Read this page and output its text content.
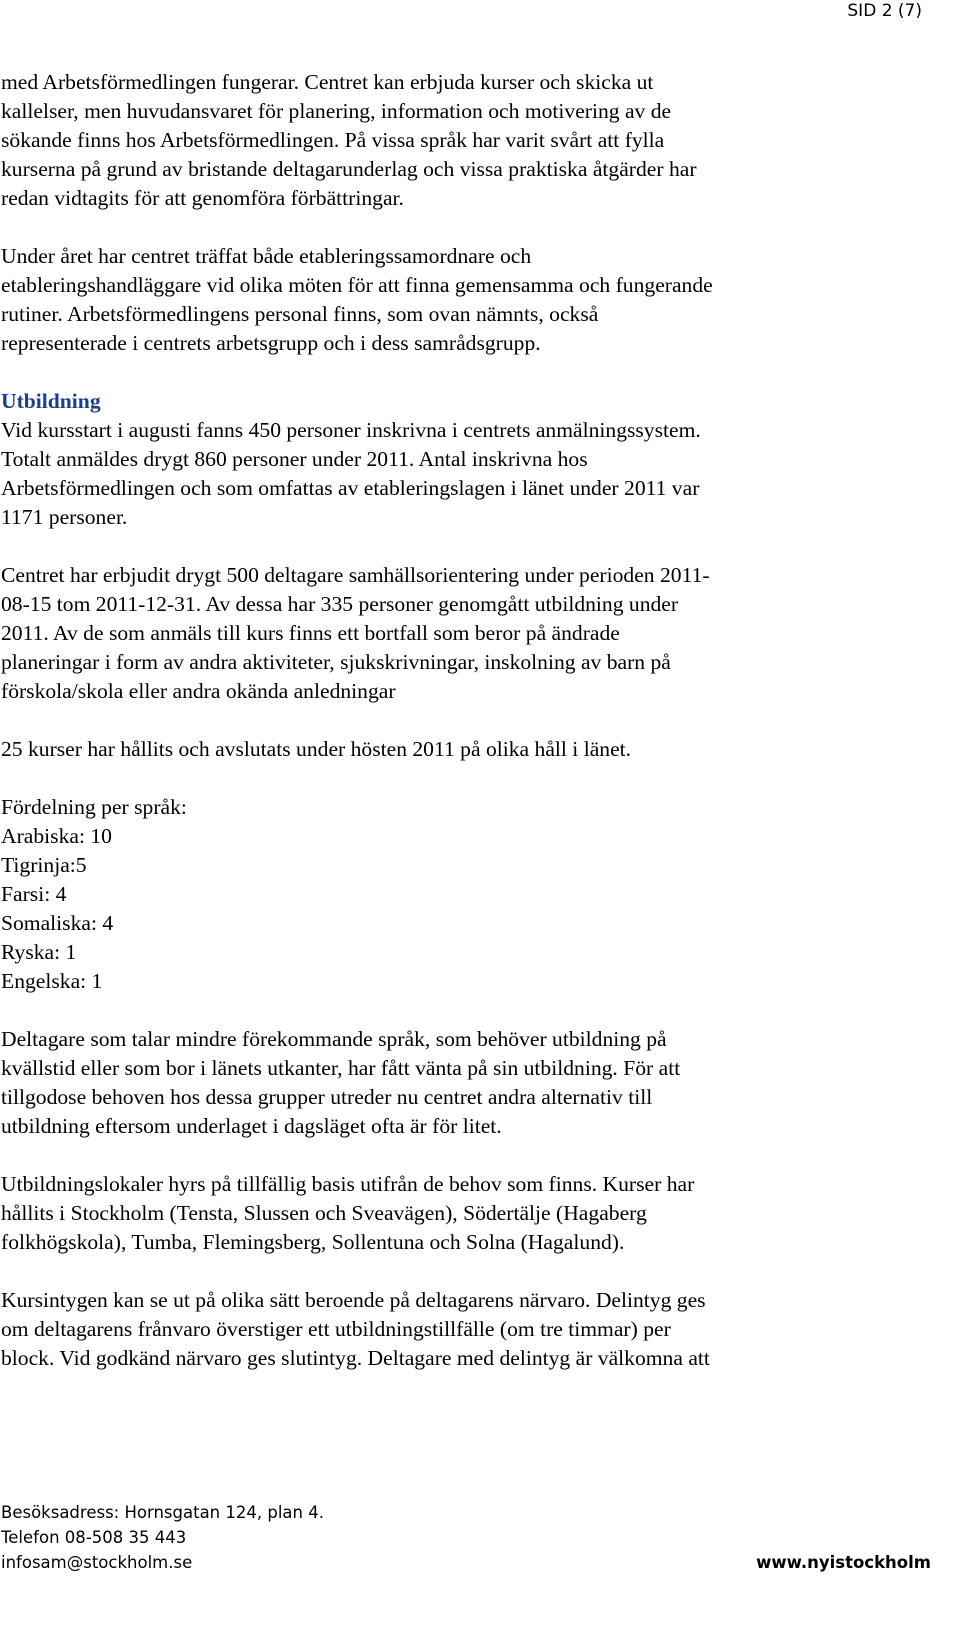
SID 2 (7)
med Arbetsförmedlingen fungerar. Centret kan erbjuda kurser och skicka ut
kallelser, men huvudansvaret för planering, information och motivering av de
sökande finns hos Arbetsförmedlingen. På vissa språk har varit svårt att fylla
kurserna på grund av bristande deltagarunderlag och vissa praktiska åtgärder har
redan vidtagits för att genomföra förbättringar.
Under året har centret träffat både etableringssamordnare och
etableringshandläggare vid olika möten för att finna gemensamma och fungerande
rutiner. Arbetsförmedlingens personal finns, som ovan nämnts, också
representerade i centrets arbetsgrupp och i dess samrådsgrupp.
Utbildning
Vid kursstart i augusti fanns 450 personer inskrivna i centrets anmälningssystem.
Totalt anmäldes drygt 860 personer under 2011. Antal inskrivna hos
Arbetsförmedlingen och som omfattas av etableringslagen i länet under 2011 var
1171 personer.
Centret har erbjudit drygt 500 deltagare samhällsorientering under perioden 2011-
08-15 tom 2011-12-31. Av dessa har 335 personer genomgått utbildning under
2011. Av de som anmäls till kurs finns ett bortfall som beror på ändrade
planeringar i form av andra aktiviteter, sjukskrivningar, inskolning av barn på
förskola/skola eller andra okända anledningar
25 kurser har hållits och avslutats under hösten 2011 på olika håll i länet.
Fördelning per språk:
Arabiska: 10
Tigrinja:5
Farsi: 4
Somaliska: 4
Ryska: 1
Engelska: 1
Deltagare som talar mindre förekommande språk, som behöver utbildning på
kvällstid eller som bor i länets utkanter, har fått vänta på sin utbildning. För att
tillgodose behoven hos dessa grupper utreder nu centret andra alternativ till
utbildning eftersom underlaget i dagsläget ofta är för litet.
Utbildningslokaler hyrs på tillfällig basis utifrån de behov som finns. Kurser har
hållits i Stockholm (Tensta, Slussen och Sveavägen), Södertälje (Hagaberg
folkhögskola), Tumba, Flemingsberg, Sollentuna och Solna (Hagalund).
Kursintygen kan se ut på olika sätt beroende på deltagarens närvaro. Delintyg ges
om deltagarens frånvaro överstiger ett utbildningstillfälle (om tre timmar) per
block. Vid godkänd närvaro ges slutintyg. Deltagare med delintyg är välkomna att
Besöksadress: Hornsgatan 124, plan 4.
Telefon 08-508 35 443
infosam@stockholm.se	www.nyistockholm
